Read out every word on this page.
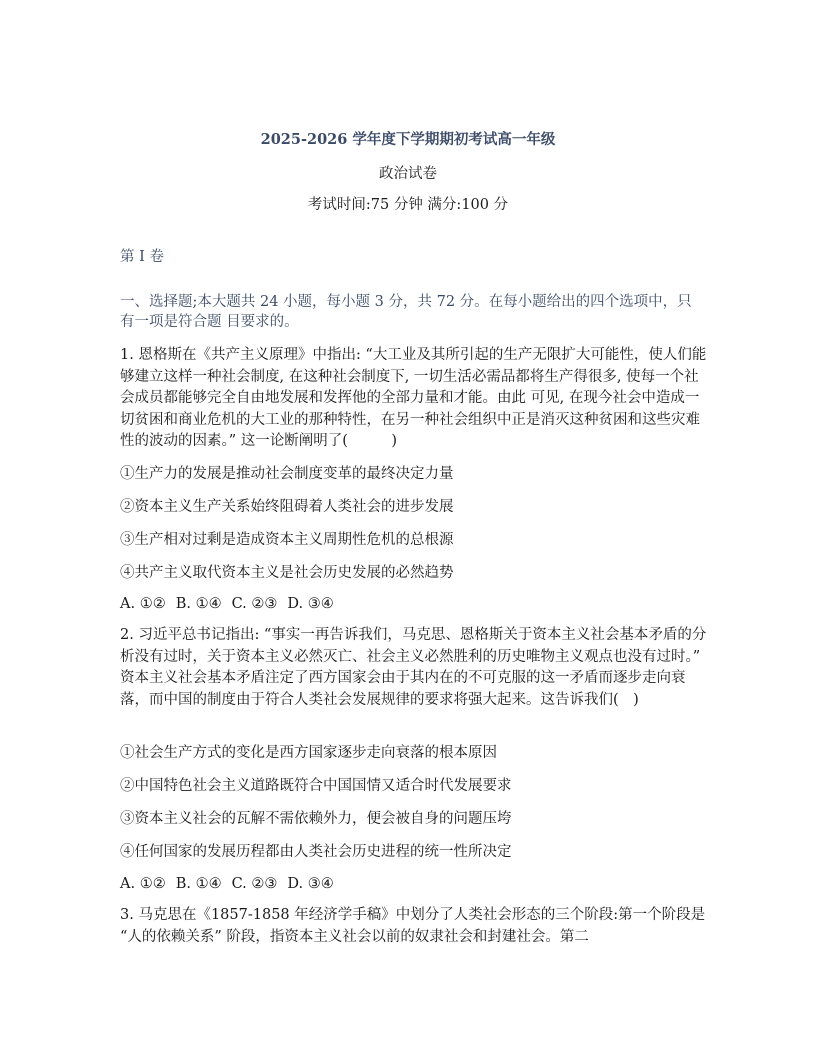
2025-2026 学年度下学期期初考试高一年级
政治试卷
考试时间:75 分钟 满分:100 分
第 I 卷
一、选择题;本大题共 24 小题，每小题 3 分，共 72 分。在每小题给出的四个选项中，只有一项是符合题 目要求的。
1. 恩格斯在《共产主义原理》中指出: “大工业及其所引起的生产无限扩大可能性，使人们能够建立这样一种社会制度, 在这种社会制度下, 一切生活必需品都将生产得很多, 使每一个社会成员都能够完全自由地发展和发挥他的全部力量和才能。由此 可见, 在现今社会中造成一切贫困和商业危机的大工业的那种特性，在另一种社会组织中正是消灭这种贫困和这些灾难性的波动的因素。” 这一论断阐明了(　　　)
①生产力的发展是推动社会制度变革的最终决定力量
②资本主义生产关系始终阻碍着人类社会的进步发展
③生产相对过剩是造成资本主义周期性危机的总根源
④共产主义取代资本主义是社会历史发展的必然趋势
A. ①② B. ①④ C. ②③ D. ③④
2. 习近平总书记指出: “事实一再告诉我们，马克思、恩格斯关于资本主义社会基本矛盾的分析没有过时，关于资本主义必然灭亡、社会主义必然胜利的历史唯物主义观点也没有过时。” 资本主义社会基本矛盾注定了西方国家会由于其内在的不可克服的这一矛盾而逐步走向衰落，而中国的制度由于符合人类社会发展规律的要求将强大起来。这告诉我们(　)
①社会生产方式的变化是西方国家逐步走向衰落的根本原因
②中国特色社会主义道路既符合中国国情又适合时代发展要求
③资本主义社会的瓦解不需依赖外力，便会被自身的问题压垮
④任何国家的发展历程都由人类社会历史进程的统一性所决定
A. ①② B. ①④ C. ②③ D. ③④
3. 马克思在《1857-1858 年经济学手稿》中划分了人类社会形态的三个阶段:第一个阶段是 “人的依赖关系” 阶段，指资本主义社会以前的奴隶社会和封建社会。第二
